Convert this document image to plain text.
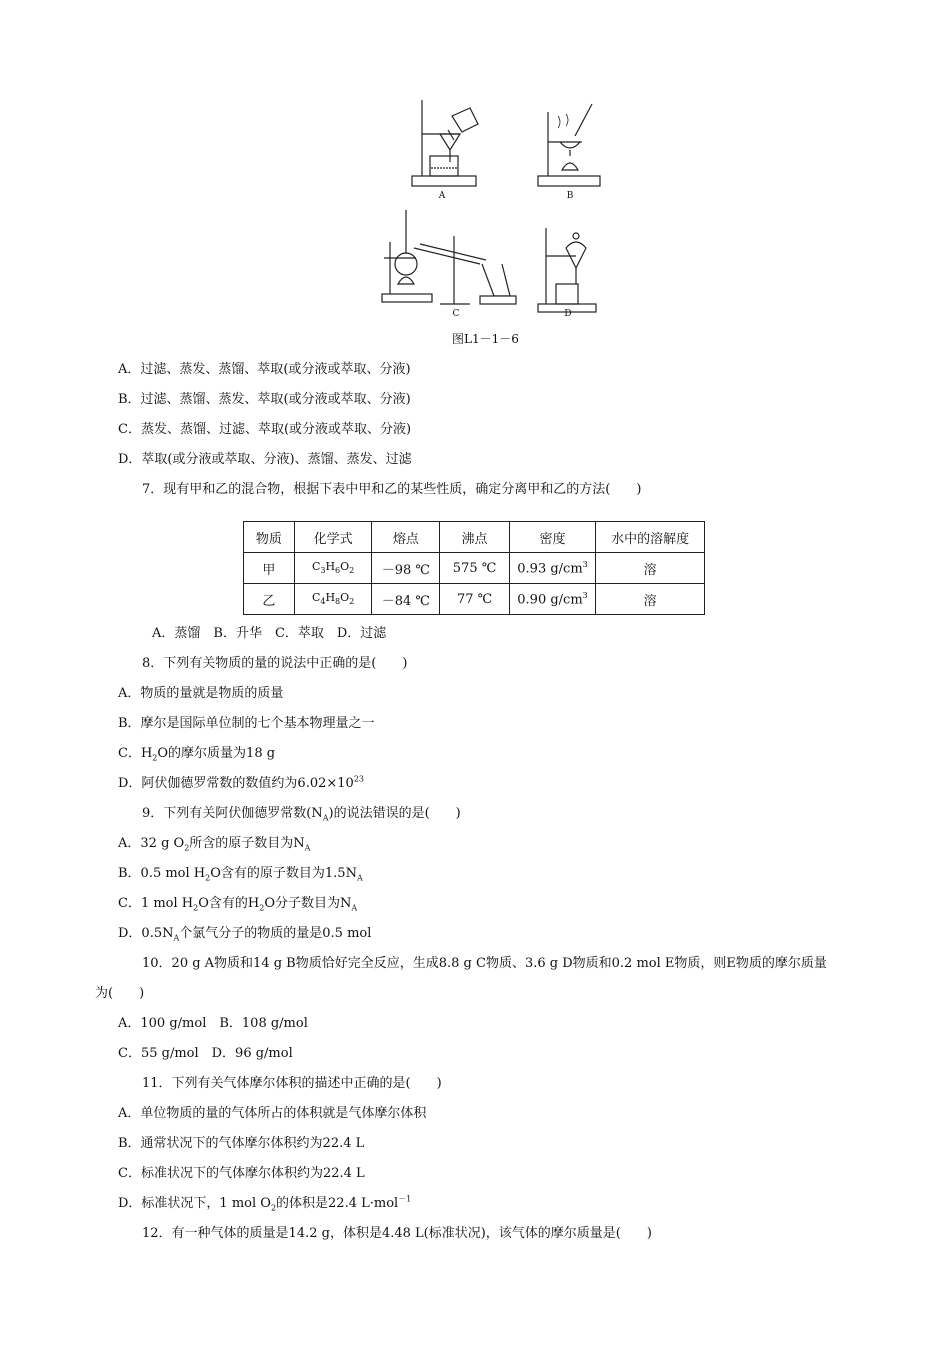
A	B
C	D
图L1－1－6
A．过滤、蒸发、蒸馏、萃取(或分液或萃取、分液)
B．过滤、蒸馏、蒸发、萃取(或分液或萃取、分液)
C．蒸发、蒸馏、过滤、萃取(或分液或萃取、分液)
D．萃取(或分液或萃取、分液)、蒸馏、蒸发、过滤
7．现有甲和乙的混合物，根据下表中甲和乙的某些性质，确定分离甲和乙的方法(　　)
物质	化学式	熔点	沸点	密度	水中的溶解度
甲	$C_3H_6O_2$	－98 ℃	575 ℃	0.93 $g/cm^3$	溶
乙	$C_4H_8O_2$	－84 ℃	77 ℃	0.90 $g/cm^3$	溶
A．蒸馏　B．升华　C．萃取　D．过滤
8．下列有关物质的量的说法中正确的是(　　)
A．物质的量就是物质的质量
B．摩尔是国际单位制的七个基本物理量之一
C．$H_2O$的摩尔质量为18 g
D．阿伏伽德罗常数的数值约为$6.02\times 10^{23}$
9．下列有关阿伏伽德罗常数$(N_A)$的说法错误的是(　　)
A．32 g $O_2$所含的原子数目为$N_A$
B．0.5 mol $H_2O$含有的原子数目为$1.5N_A$
C．1 mol $H_2O$含有的$H_2O$分子数目为$N_A$
D．$0.5N_A$个氯气分子的物质的量是0.5 mol
10．20 g A物质和14 g B物质恰好完全反应，生成8.8 g C物质、3.6 g D物质和0.2 mol E物质，则E物质的摩尔质量
为(　　)
A．100 g/mol　B．108 g/mol
C．55 g/mol　D．96 g/mol
11．下列有关气体摩尔体积的描述中正确的是(　　)
A．单位物质的量的气体所占的体积就是气体摩尔体积
B．通常状况下的气体摩尔体积约为22.4 L
C．标准状况下的气体摩尔体积约为22.4 L
D．标准状况下，1 mol $O_2$的体积是22.4 L·mol$^{-1}$
12．有一种气体的质量是14.2 g，体积是4.48 L(标准状况)，该气体的摩尔质量是(　　)
